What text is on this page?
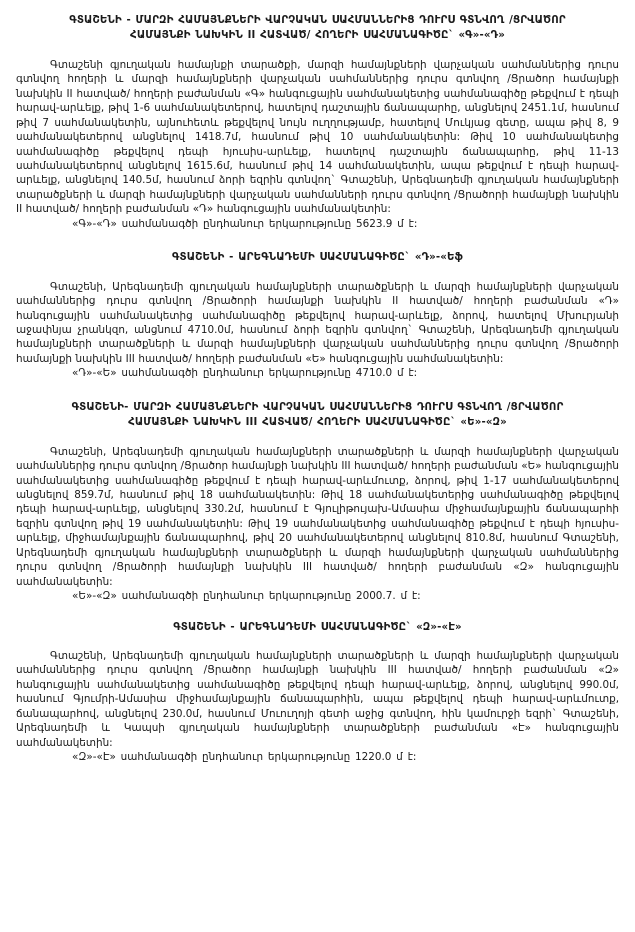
ԳՏԱՇԵՆԻ - ՄԱՐԶԻ ՀԱՄԱՅՆՔՆԵՐԻ ՎԱՐՉԱԿԱՆ ՍԱՀՄԱՆՆԵՐԻՑ ԴՈՒՐՍ ԳՏՆՎՈՂ /ՑՐՎԱԾՈՐ
ՀԱՄԱՅՆՔԻ ՆԱԽԿԻՆ II ՀԱՏՎԱԾ/ ՀՈՂԵՐԻ ՍԱՀՄԱՆԱԳԻԾԸ` «Գ»-«Դ»

Գտաշենի գյուղական համայնքի տարածքի, մարզի համայնքների վարչական սահմաններից դուրս գտնվող հողերի և մարզի համայնքների վարչական սահմաններից դուրս գտնվող /Ցրածոր համայնքի նախկին II հատված/ հողերի բաժանման «Գ» հանգուցային սահմանակետից սահմանագիծը թեքվում է դեպի հարավ-արևելք, թիվ 1-6 սահմանակետերով, հատելով դաշտային ճանապարհը, անցնելով 2451.1մ, հասնում թիվ 7 սահմանակետին, այնուհետև թեքվելով նույն ուղղությամբ, հատելով Մուկյաց գետը, ապա թիվ 8, 9 սահմանակետերով անցնելով 1418.7մ, հասնում թիվ 10 սահմանակետին: Թիվ 10 սահմանակետից սահմանագիծը թեքվելով դեպի հյուսիս-արևելք, հատելով դաշտային ճանապարհը, թիվ 11-13 սահմանակետերով անցնելով 1615.6մ, հասնում թիվ 14 սահմանակետին, ապա թեքվում է դեպի հարավ-արևելք, անցնելով 140.5մ, հասնում ձորի եզրին գտնվող` Գտաշենի, Արեգնադեմի գյուղական համայնքների տարածքների և մարզի համայնքների վարչական սահմանների դուրս գտնվող /Ցրածորի համայնքի նախկին II հատված/ հողերի բաժանման «Դ» հանգուցային սահմանակետին:

«Գ»-«Դ» սահմանագծի ընդհանուր երկարությունը 5623.9 մ է:

ԳՏԱՇԵՆԻ - ԱՐԵԳՆԱԴԵՄԻ ՍԱՀՄԱՆԱԳԻԾԸ` «Դ»-«Եֆ

Գտաշենի, Արեգնադեմի գյուղական համայնքների տարածքների և մարզի համայնքների վարչական սահմաններից դուրս գտնվող /Ցրածորի համայնքի նախկին II հատված/ հողերի բաժանման «Դ» հանգուցային սահմանակետից սահմանագիծը թեքվելով հարավ-արևելք, ձորով, հատելով Մխուրյանի աջափնյա չրանկզո, անցնում 4710.0մ, հասնում ձորի եզրին գտնվող` Գտաշենի, Արեգնադեմի գյուղական համայնքների տարածքների և մարզի համայնքների վարչական սահմաններից դուրս գտնվող /Ցրածորի համայնքի նախկին III հատված/ հողերի բաժանման «Ե» հանգուցային սահմանակետին:

«Դ»-«Ե» սահմանագծի ընդհանուր երկարությունը 4710.0 մ է:

ԳՏԱՇԵՆԻ- ՄԱՐԶԻ ՀԱՄԱՅՆՔՆԵՐԻ ՎԱՐՉԱԿԱՆ ՍԱՀՄԱՆՆԵՐԻՑ ԴՈՒՐՍ ԳՏՆՎՈՂ /ՑՐՎԱԾՈՐ
ՀԱՄԱՅՆՔԻ ՆԱԽԿԻՆ III ՀԱՏՎԱԾ/ ՀՈՂԵՐԻ ՍԱՀՄԱՆԱԳԻԾԸ` «Ե»-«Զ»

Գտաշենի, Արեգնադեմի գյուղական համայնքների տարածքների և մարզի համայնքների վարչական սահմաններից դուրս գտնվող /Ցրածոր համայնքի նախկին III հատված/ հողերի բաժանման «Ե» հանգուցային սահմանակետից սահմանագիծը թեքվում է դեպի հարավ-արևմուտք, ձորով, թիվ 1-17 սահմանակետերով անցնելով 859.7մ, հասնում թիվ 18 սահմանակետին: Թիվ 18 սահմանակետերից սահմանագիծը թեքվելով դեպի հարավ-արևելք, անցնելով 330.2մ, հասնում է Գյուլիթույախ-Ամասիա միջհամայնքային ճանապարհի եզրին գտնվող թիվ 19 սահմանակետին: Թիվ 19 սահմանակետից սահմանագիծը թեքվում է դեպի հյուսիս-արևելք, միջհամայնքային ճանապարհով, թիվ 20 սահմանակետերով անցնելով 810.8մ, հասնում Գտաշենի, Արեգնադեմի գյուղական համայնքների տարածքների և մարզի համայնքների վարչական սահմաններից դուրս գտնվող /Ցրածորի համայնքի նախկին III հատված/ հողերի բաժանման «Զ» հանգուցային սահմանակետին:

«Ե»-«Զ» սահմանագծի ընդհանուր երկարությունը 2000.7. մ է:

ԳՏԱՇԵՆԻ - ԱՐԵԳՆԱԴԵՄԻ ՍԱՀՄԱՆԱԳԻԾԸ` «Զ»-«Է»

Գտաշենի, Արեգնադեմի գյուղական համայնքների տարածքների և մարզի համայնքների վարչական սահմաններից դուրս գտնվող /Ցրածոր համայնքի նախկին III հատված/ հողերի բաժանման «Զ» հանգուցային սահմանակետից սահմանագիծը թեքվելով դեպի հարավ-արևելք, ձորով, անցնելով 990.0մ, հասնում Գյումրի-Ամասիա միջհամայնքային ճանապարհին, ապա թեքվելով դեպի հարավ-արևմուտք, ճանապարհով, անցնելով 230.0մ, հասնում Մուուղոյի գետի աջից գտնվող, հին կամուրջի եզրի` Գտաշենի, Արեգնադեմի և Կապսի գյուղական համայնքների տարածքների բաժանման «Է» հանգուցային սահմանակետին:

«Զ»-«Է» սահմանագծի ընդհանուր երկարությունը 1220.0 մ է:
